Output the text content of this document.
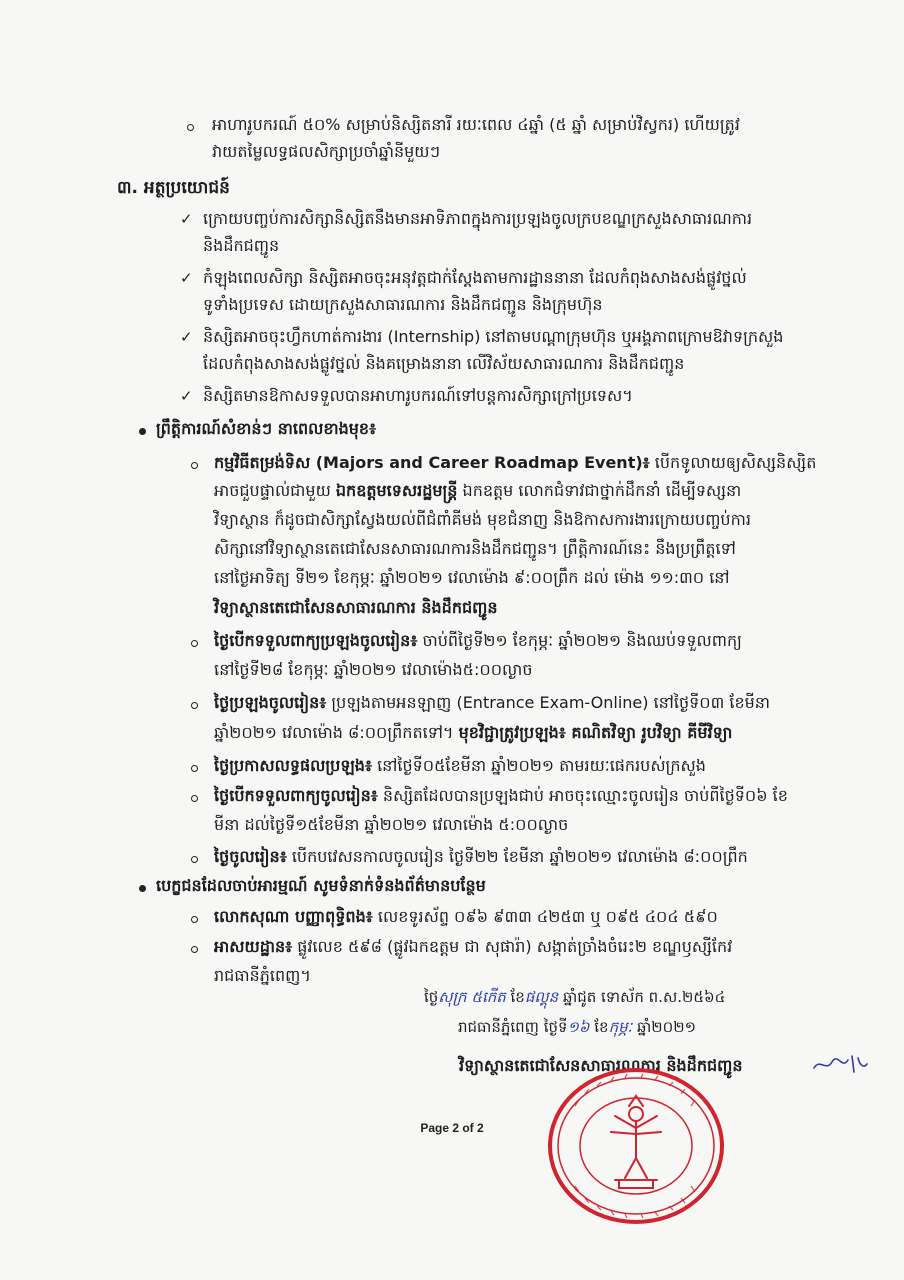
អាហារូបករណ៍ ៥០% សម្រាប់និស្សិតនារី រយៈពេល ៤ឆ្នាំ (៥ ឆ្នាំ សម្រាប់វិស្វករ) ហើយត្រូវ
វាយតម្លៃលទ្ធផលសិក្សាប្រចាំឆ្នាំនីមួយៗ
៣. អត្ថប្រយោជន៍
✓ ក្រោយបញ្ចប់ការសិក្សានិស្សិតនឹងមានអាទិភាពក្នុងការប្រឡងចូលក្របខណ្ឌក្រសួងសាធារណការ
និងដឹកជញ្ជូន
✓ កំឡុងពេលសិក្សា និស្សិតអាចចុះអនុវត្តជាក់ស្តែងតាមការដ្ឋាននានា ដែលកំពុងសាងសង់ផ្លូវថ្នល់
ទូទាំងប្រទេស ដោយក្រសួងសាធារណការ និងដឹកជញ្ជូន និងក្រុមហ៊ុន
✓ និស្សិតអាចចុះហ្វឹកហាត់ការងារ (Internship) នៅតាមបណ្តាក្រុមហ៊ុន ឬអង្គភាពក្រោមឱវាទក្រសួង
ដែលកំពុងសាងសង់ផ្លូវថ្នល់ និងគម្រោងនានា លើវិស័យសាធារណការ និងដឹកជញ្ជូន
✓ និស្សិតមានឱកាសទទួលបានអាហារូបករណ៍ទៅបន្តការសិក្សាក្រៅប្រទេស។
ព្រឹត្តិការណ៍សំខាន់ៗ នាពេលខាងមុខ៖
កម្មវិធីតម្រង់ទិស (Majors and Career Roadmap Event)៖ បើកទូលាយឲ្យសិស្សនិស្សិត
អាចជួបផ្ទាល់ជាមួយ ឯកឧត្តមទេសរដ្ឋមន្ត្រី ឯកឧត្តម លោកជំទាវជាថ្នាក់ដឹកនាំ ដើម្បីទស្សនា
វិទ្យាស្ថាន ក៏ដូចជាសិក្សាស្វែងយល់ពីជំពាំគីមង់ មុខជំនាញ និងឱកាសការងារក្រោយបញ្ចប់ការ
សិក្សានៅវិទ្យាស្ថានតេជោសែនសាធារណការនិងដឹកជញ្ជូន។ ព្រឹត្តិការណ៍នេះ នឹងប្រព្រឹត្តទៅ
នៅថ្ងៃអាទិត្យ ទី២១ ខែកុម្ភៈ ឆ្នាំ២០២១ វេលាម៉ោង ៩:០០ព្រឹក ដល់ ម៉ោង ១១:៣០ នៅ
វិទ្យាស្ថានតេជោសែនសាធារណការ និងដឹកជញ្ជូន
ថ្ងៃបើកទទួលពាក្យប្រឡងចូលរៀន៖ ចាប់ពីថ្ងៃទី២១ ខែកុម្ភៈ ឆ្នាំ២០២១ និងឈប់ទទួលពាក្យ
នៅថ្ងៃទី២៨ ខែកុម្ភៈ ឆ្នាំ២០២១ វេលាម៉ោង៥:០០ល្ងាច
ថ្ងៃប្រឡងចូលរៀន៖ ប្រឡងតាមអនឡាញ (Entrance Exam-Online) នៅថ្ងៃទី០៣ ខែមីនា
ឆ្នាំ២០២១ វេលាម៉ោង ៨:០០ព្រឹកតទៅ។ មុខវិជ្ជាត្រូវប្រឡង៖ គណិតវិទ្យា រូបវិទ្យា គីមីវិទ្យា
ថ្ងៃប្រកាសលទ្ធផលប្រឡង៖ នៅថ្ងៃទី០៥ខែមីនា ឆ្នាំ២០២១ តាមរយៈផេករបស់ក្រសួង
ថ្ងៃបើកទទួលពាក្យចូលរៀន៖ និស្សិតដែលបានប្រឡងជាប់ អាចចុះឈ្មោះចូលរៀន ចាប់ពីថ្ងៃទី០៦ ខែ
មីនា ដល់ថ្ងៃទី១៥ខែមីនា ឆ្នាំ២០២១ វេលាម៉ោង ៥:០០ល្ងាច
ថ្ងៃចូលរៀន៖ បើកបវេសនកាលចូលរៀន ថ្ងៃទី២២ ខែមីនា ឆ្នាំ២០២១ វេលាម៉ោង ៨:០០ព្រឹក
បេក្ខជនដែលចាប់អារម្មណ៍ សូមទំនាក់ទំនងព័ត៌មានបន្ថែម
លោកសុណា បញ្ញាពុទ្ធិពង៖ លេខទូរស័ព្ទ ០៩៦ ៩៣៣ ៤២៥៣ ឬ ០៩៥ ៤០៤ ៥៩០
អាសយដ្ឋាន៖ ផ្លូវលេខ ៥៩៨ (ផ្លូវឯកឧត្តម ជា សុផារ៉ា) សង្កាត់ច្រាំងចំរេះ២ ខណ្ឌឫស្សីកែវ
រាជធានីភ្នំពេញ។
ថ្ងៃសុក្រ ៥កើត ខែផល្គុន ឆ្នាំជូត ទោស័ក ព.ស.២៥៦៤
រាជធានីភ្នំពេញ ថ្ងៃទី១៦ ខែកុម្ភៈ ឆ្នាំ២០២១
វិទ្យាស្ថានតេជោសែនសាធារណការ និងដឹកជញ្ជូន
Page 2 of 2
